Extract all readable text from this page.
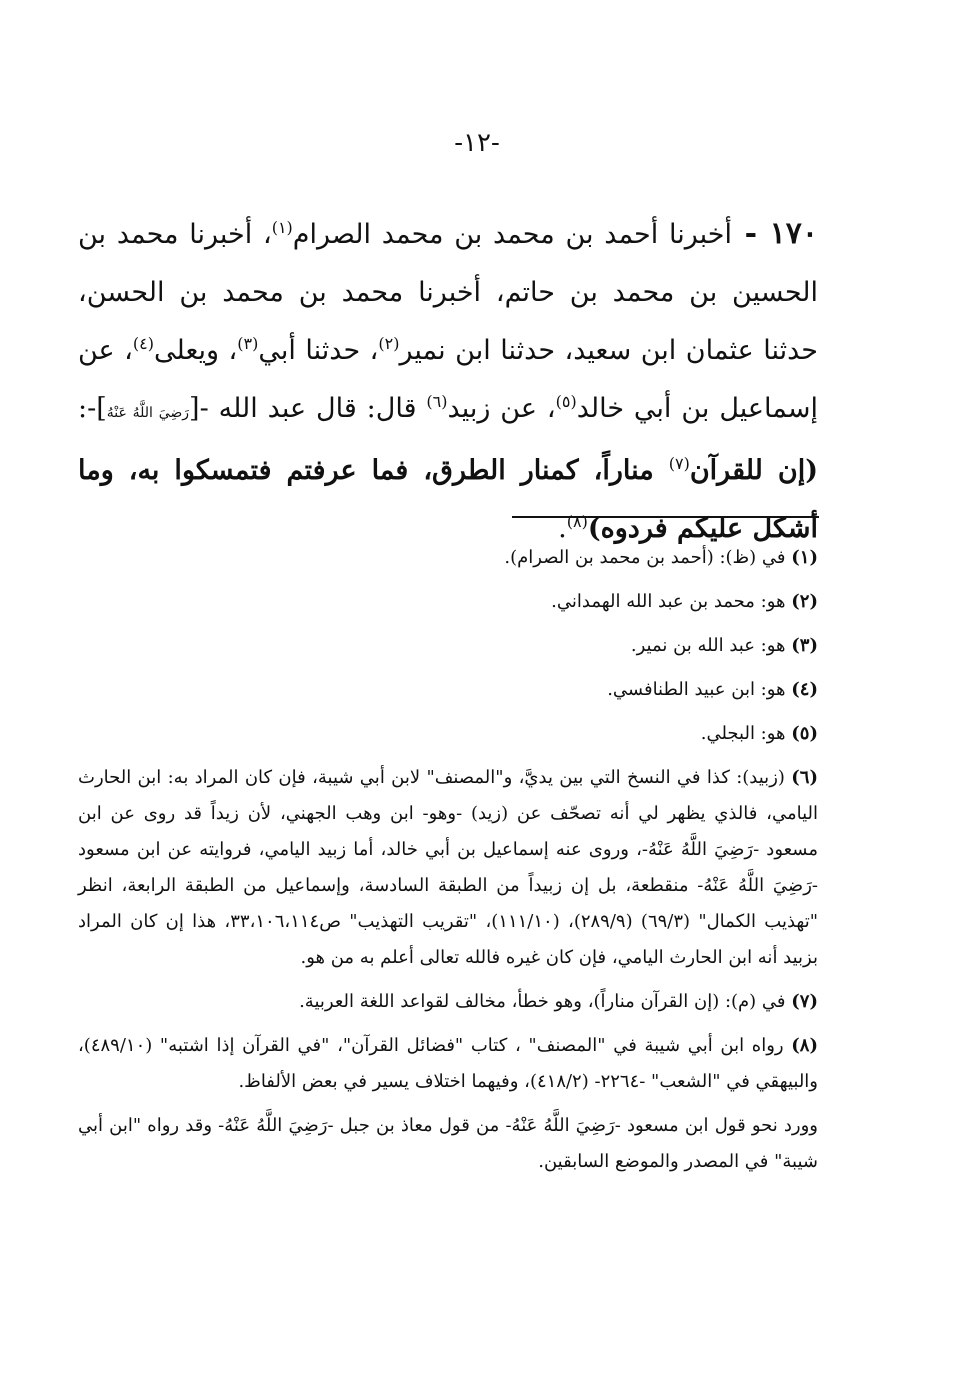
-١٢-
١٧٠ - أخبرنا أحمد بن محمد بن محمد الصرام$^{(١)}$، أخبرنا محمد بن الحسين بن محمد بن حاتم، أخبرنا محمد بن محمد بن الحسن، حدثنا عثمان ابن سعيد، حدثنا ابن نمير$^{(٢)}$، حدثنا أبي$^{(٣)}$، ويعلى$^{(٤)}$، عن إسماعيل بن أبي خالد$^{(٥)}$، عن زبيد$^{(٦)}$ قال: قال عبد الله -[رَضِيَ اللَّهُ عَنْهُ]-: (إن للقرآن$^{(٧)}$ مناراً، كمنار الطرق، فما عرفتم فتمسكوا به، وما أشكل عليكم فردوه)$^{(٨)}$.

(١) في (ظ): (أحمد بن محمد بن الصرام).

(٢) هو: محمد بن عبد الله الهمداني.

(٣) هو: عبد الله بن نمير.

(٤) هو: ابن عبيد الطنافسي.

(٥) هو: البجلي.

(٦) (زبيد): كذا في النسخ التي بين يديَّ، و"المصنف" لابن أبي شيبة، فإن كان المراد به: ابن الحارث اليامي، فالذي يظهر لي أنه تصحّف عن (زيد) -وهو- ابن وهب الجهني، لأن زيداً قد روى عن ابن مسعود -رَضِيَ اللَّهُ عَنْهُ-، وروى عنه إسماعيل بن أبي خالد، أما زبيد اليامي، فروايته عن ابن مسعود -رَضِيَ اللَّهُ عَنْهُ- منقطعة، بل إن زبيداً من الطبقة السادسة، وإسماعيل من الطبقة الرابعة، انظر "تهذيب الكمال" (٦٩/٣) (٢٨٩/٩)، (١١١/١٠)، "تقريب التهذيب" ص٣٣،١٠٦،١١٤، هذا إن كان المراد بزبيد أنه ابن الحارث اليامي، فإن كان غيره فالله تعالى أعلم به من هو.

(٧) في (م): (إن القرآن مناراً)، وهو خطأ، مخالف لقواعد اللغة العربية.

(٨) رواه ابن أبي شيبة في "المصنف" ، كتاب "فضائل القرآن"، "في القرآن إذا اشتبه" (٤٨٩/١٠)، والبيهقي في "الشعب" -٢٢٦٤- (٤١٨/٢)، وفيهما اختلاف يسير في بعض الألفاظ.

وورد نحو قول ابن مسعود -رَضِيَ اللَّهُ عَنْهُ- من قول معاذ بن جبل -رَضِيَ اللَّهُ عَنْهُ- وقد رواه "ابن أبي شيبة" في المصدر والموضع السابقين.
